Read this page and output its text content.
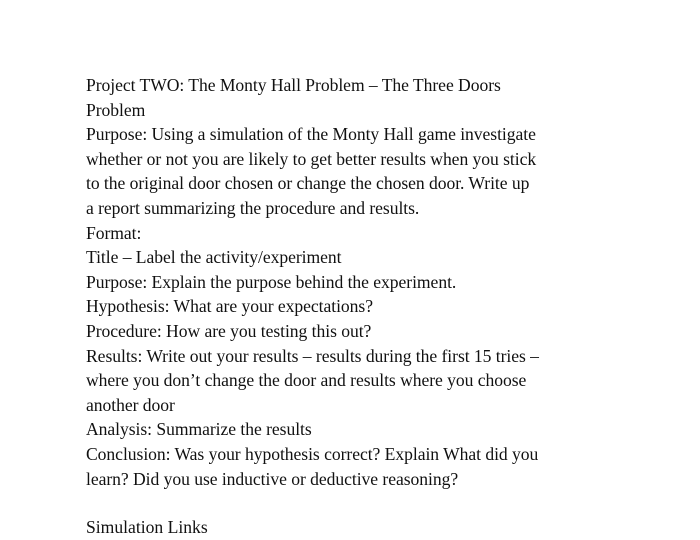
Project TWO: The Monty Hall Problem – The Three Doors
Problem
Purpose: Using a simulation of the Monty Hall game investigate
whether or not you are likely to get better results when you stick
to the original door chosen or change the chosen door. Write up
a report summarizing the procedure and results.
Format:
Title – Label the activity/experiment
Purpose: Explain the purpose behind the experiment.
Hypothesis: What are your expectations?
Procedure: How are you testing this out?
Results: Write out your results – results during the first 15 tries –
where you don’t change the door and results where you choose
another door
Analysis: Summarize the results
Conclusion: Was your hypothesis correct? Explain What did you
learn? Did you use inductive or deductive reasoning?
Simulation Links
